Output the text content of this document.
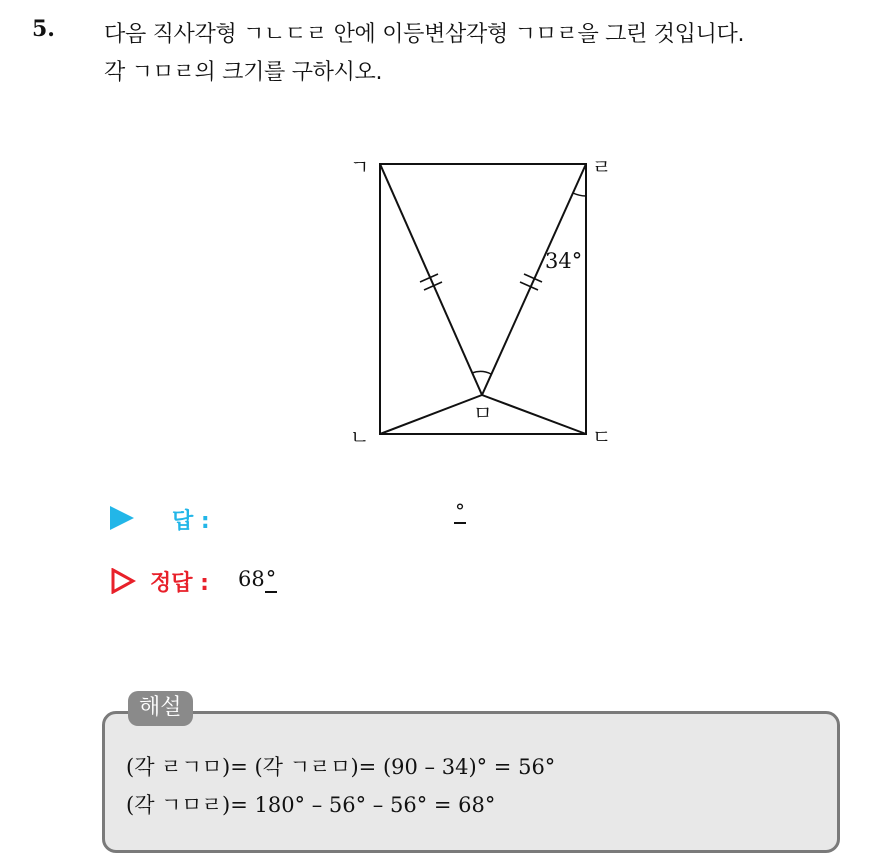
5. 다음 직사각형 ㄱㄴㄷㄹ 안에 이등변삼각형 ㄱㅁㄹ을 그린 것입니다.
각 ㄱㅁㄹ의 크기를 구하시오.
ㄱ	ㄹ
ㄴ	ㄷ
ㅁ
34°
답 :	°
정답 : 68°
해설
(각 ㄹㄱㅁ)= (각 ㄱㄹㅁ)= (90 – 34)° = 56°
(각 ㄱㅁㄹ)= 180° – 56° – 56° = 68°
